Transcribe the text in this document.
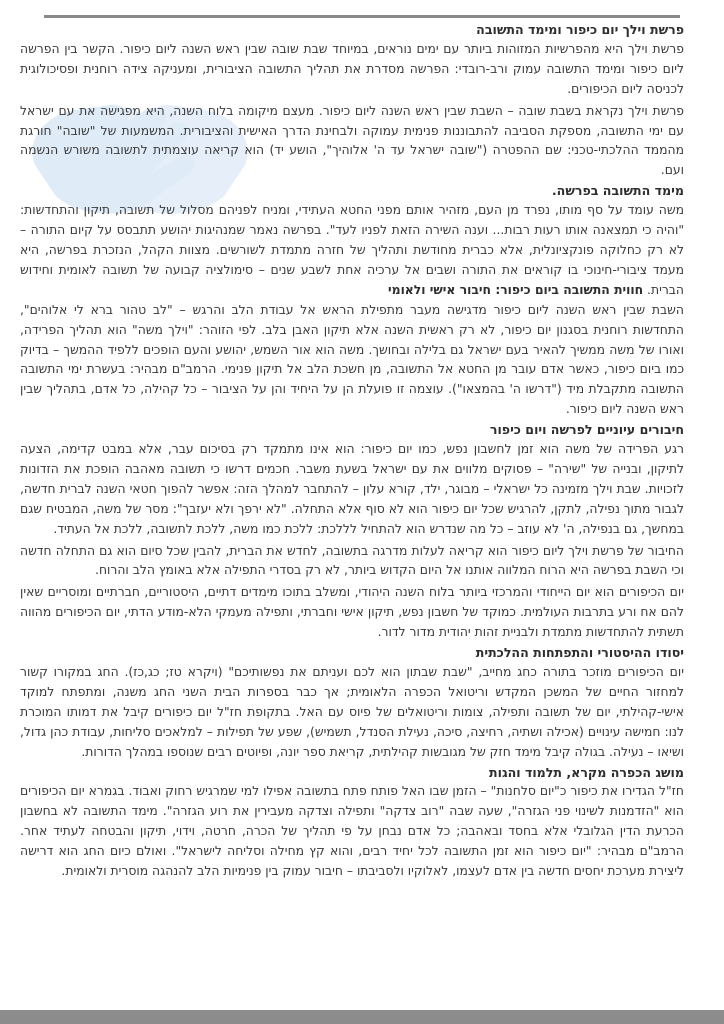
פרשת וילך יום כיפור ומימד התשובה

פרשת וילך היא מהפרשיות המזוהות ביותר עם ימים נוראים, במיוחד שבת שובה שבין ראש השנה ליום כיפור. הקשר בין הפרשה ליום כיפור ומימד התשובה עמוק ורב-רובדי: הפרשה מסדרת את תהליך התשובה הציבורית, ומעניקה צידה רוחנית ופסיכולוגית לכניסה ליום הכיפורים.

פרשת וילך נקראת בשבת שובה – השבת שבין ראש השנה ליום כיפור. מעצם מיקומה בלוח השנה, היא מפגישה את עם ישראל עם ימי התשובה, מספקת הסביבה להתבוננות פנימית עמוקה ולבחינת הדרך האישית והציבורית. המשמעות של "שובה" חורגת מהממד ההלכתי-טכני: שם ההפטרה ("שובה ישראל עד ה' אלוהיך", הושע יד) הוא קריאה עוצמתית לתשובה משורש הנשמה ועם.

מימד התשובה בפרשה.

משה עומד על סף מותו, נפרד מן העם, מזהיר אותם מפני החטא העתידי, ומניח לפניהם מסלול של תשובה, תיקון והתחדשות: "והיה כי תמצאנה אותו רעות רבות... וענה השירה הזאת לפניו לעד". בפרשה נאמר שמנהיגות יהושע תתבסס על קיום התורה – לא רק כחלוקה פונקציונלית, אלא כברית מחודשת ותהליך של חזרה מתמדת לשורשים. מצוות הקהל, הנזכרת בפרשה, היא מעמד ציבורי-חינוכי בו קוראים את התורה ושבים אל ערכיה אחת לשבע שנים – סימולציה קבועה של תשובה לאומית וחידוש הברית. חווית התשובה ביום כיפור: חיבור אישי ולאומי

השבת שבין ראש השנה ליום כיפור מדגישה מעבר מתפילת הראש אל עבודת הלב והרגש – "לב טהור ברא לי אלוהים", התחדשות רוחנית בסגנון יום כיפור, לא רק ראשית השנה אלא תיקון האבן בלב. לפי הזוהר: "וילך משה" הוא תהליך הפרידה, ואורו של משה ממשיך להאיר בעם ישראל גם בלילה ובחושך. משה הוא אור השמש, יהושע והעם הופכים ללפיד ההמשך – בדיוק כמו ביום כיפור, כאשר אדם עובר מן החטא אל התשובה, מן חשכת הלב אל תיקון פנימי. הרמב"ם מבהיר: בעשרת ימי התשובה התשובה מתקבלת מיד ("דרשו ה' בהמצאו"). עוצמה זו פועלת הן על היחיד והן על הציבור – כל קהילה, כל אדם, בתהליך שבין ראש השנה ליום כיפור.

חיבורים עיוניים לפרשה ויום כיפור

רגע הפרידה של משה הוא זמן לחשבון נפש, כמו יום כיפור: הוא אינו מתמקד רק בסיכום עבר, אלא במבט קדימה, הצעה לתיקון, ובנייה של "שירה" – פסוקים מלווים את עם ישראל בשעת משבר. חכמים דרשו כי תשובה מאהבה הופכת את הזדונות לזכויות. שבת וילך מזמינה כל ישראלי – מבוגר, ילד, קורא עלון – להתחבר למהלך הזה: אפשר להפוך חטאי השנה לברית חדשה, לגבור מתוך נפילה, לתקן, להרגיש שכל יום כיפור הוא לא סוף אלא התחלה. "לא ירפך ולא יעזבך": מסר של משה, המבטיח שגם במחשך, גם בנפילה, ה' לא עוזב – כל מה שנדרש הוא להתחיל לללכת: ללכת כמו משה, ללכת לתשובה, ללכת אל העתיד.

החיבור של פרשת וילך ליום כיפור הוא קריאה לעלות מדרגה בתשובה, לחדש את הברית, להבין שכל סיום הוא גם התחלה חדשה וכי השבת בפרשה היא הרוח המלווה אותנו אל היום הקדוש ביותר, לא רק בסדרי התפילה אלא באומץ הלב והרוח.

יום הכיפורים הוא יום הייחודי והמרכזי ביותר בלוח השנה היהודי, ומשלב בתוכו מימדים דתיים, היסטוריים, חברתיים ומוסריים שאין להם אח ורע בתרבות העולמית. כמוקד של חשבון נפש, תיקון אישי וחברתי, ותפילה מעמקי הלא-מודע הדתי, יום הכיפורים מהווה תשתית להתחדשות מתמדת ולבניית זהות יהודית מדור לדור.

יסודו ההיסטורי והתפתחות ההלכתית

יום הכיפורים מוזכר בתורה כחג מחייב, "שבת שבתון הוא לכם ועניתם את נפשותיכם" (ויקרא טז; כג,כז). החג במקורו קשור למחזור החיים של המשכן המקדש וריטואל הכפרה הלאומית; אך כבר בספרות הבית השני החג משנה, ומתפתח למוקד אישי-קהילתי, יום של תשובה ותפילה, צומות וריטואלים של פיוס עם האל. בתקופת חז"ל יום כיפורים קיבל את דמותו המוכרת לנו: חמישה עינויים (אכילה ושתיה, רחיצה, סיכה, נעילת הסנדל, תשמיש), שפע של תפילות – למלאכים סליחות, עבודת כהן גדול, ושיאו – נעילה. בגולה קיבל מימד חזק של מגובשות קהילתית, קריאת ספר יונה, ופיוטים רבים שנוספו במהלך הדורות.

מושג הכפרה מקרא, תלמוד והגות

חז"ל הגדירו את כיפור כ"יום סלחנות" – הזמן שבו האל פותח פתח בתשובה אפילו למי שמרגיש רחוק ואבוד. בגמרא יום הכיפורים הוא "הזדמנות לשינוי פני הגזרה", שעה שבה "רוב צדקה" ותפילה וצדקה מעבירין את רוע הגזרה". מימד התשובה לא בחשבון הכרעת הדין הגלובלי אלא בחסד ובאהבה; כל אדם נבחן על פי תהליך של הכרה, חרטה, וידוי, תיקון והבטחה לעתיד אחר. הרמב"ם מבהיר: "יום כיפור הוא זמן התשובה לכל יחיד רבים, והוא קץ מחילה וסליחה לישראל". ואולם כיום החג הוא דרישה ליצירת מערכת יחסים חדשה בין אדם לעצמו, לאלוקיו ולסביבתו – חיבור עמוק בין פנימיות הלב להנהגה מוסרית ולאומית.
